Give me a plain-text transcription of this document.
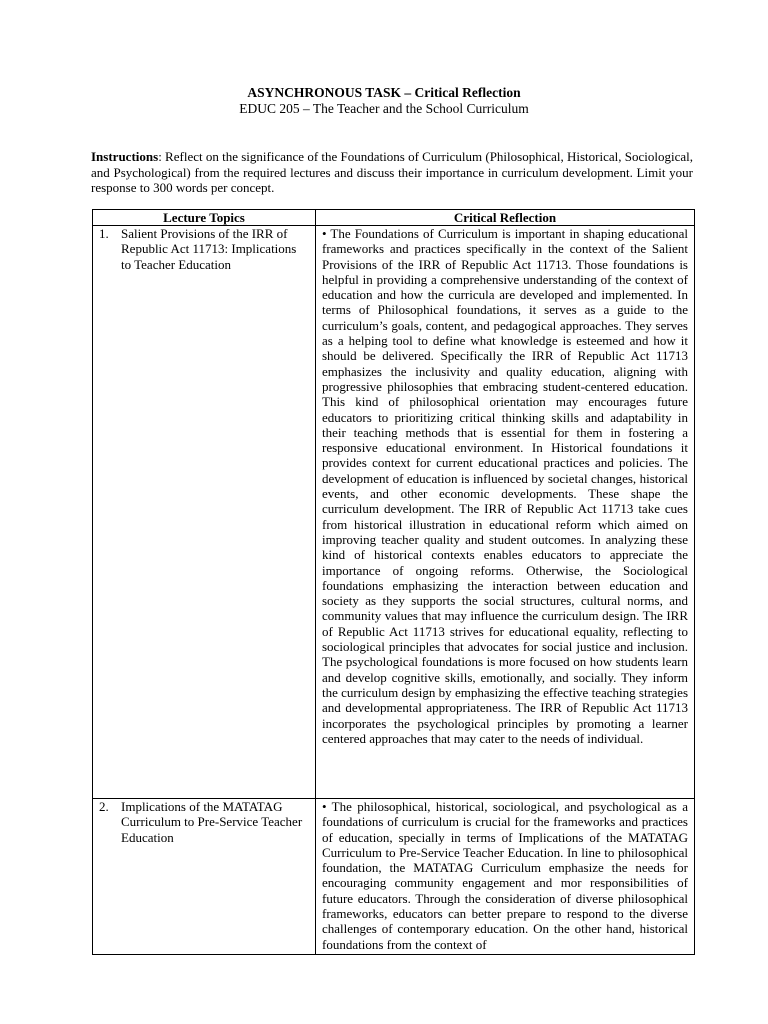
ASYNCHRONOUS TASK – Critical Reflection
EDUC 205 – The Teacher and the School Curriculum
Instructions: Reflect on the significance of the Foundations of Curriculum (Philosophical, Historical, Sociological, and Psychological) from the required lectures and discuss their importance in curriculum development. Limit your response to 300 words per concept.
Lecture Topics	Critical Reflection

1. Salient Provisions of the IRR of Republic Act 11713: Implications to Teacher Education	• The Foundations of Curriculum is important in shaping educational frameworks and practices specifically in the context of the Salient Provisions of the IRR of Republic Act 11713. Those foundations is helpful in providing a comprehensive understanding of the context of education and how the curricula are developed and implemented. In terms of Philosophical foundations, it serves as a guide to the curriculum’s goals, content, and pedagogical approaches. They serves as a helping tool to define what knowledge is esteemed and how it should be delivered. Specifically the IRR of Republic Act 11713 emphasizes the inclusivity and quality education, aligning with progressive philosophies that embracing student-centered education. This kind of philosophical orientation may encourages future educators to prioritizing critical thinking skills and adaptability in their teaching methods that is essential for them in fostering a responsive educational environment. In Historical foundations it provides context for current educational practices and policies. The development of education is influenced by societal changes, historical events, and other economic developments. These shape the curriculum development. The IRR of Republic Act 11713 take cues from historical illustration in educational reform which aimed on improving teacher quality and student outcomes. In analyzing these kind of historical contexts enables educators to appreciate the importance of ongoing reforms. Otherwise, the Sociological foundations emphasizing the interaction between education and society as they supports the social structures, cultural norms, and community values that may influence the curriculum design. The IRR of Republic Act 11713 strives for educational equality, reflecting to sociological principles that advocates for social justice and inclusion. The psychological foundations is more focused on how students learn and develop cognitive skills, emotionally, and socially. They inform the curriculum design by emphasizing the effective teaching strategies and developmental appropriateness. The IRR of Republic Act 11713 incorporates the psychological principles by promoting a learner centered approaches that may cater to the needs of individual.

2. Implications of the MATATAG Curriculum to Pre-Service Teacher Education	• The philosophical, historical, sociological, and psychological as a foundations of curriculum is crucial for the frameworks and practices of education, specially in terms of Implications of the MATATAG Curriculum to Pre-Service Teacher Education. In line to philosophical foundation, the MATATAG Curriculum emphasize the needs for encouraging community engagement and mor responsibilities of future educators. Through the consideration of diverse philosophical frameworks, educators can better prepare to respond to the diverse challenges of contemporary education. On the other hand, historical foundations from the context of
